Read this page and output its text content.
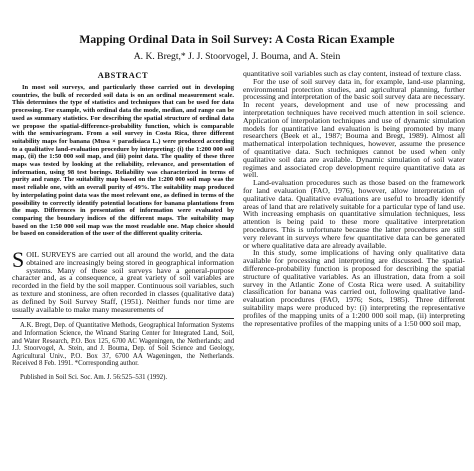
Mapping Ordinal Data in Soil Survey: A Costa Rican Example
A. K. Bregt,* J. J. Stoorvogel, J. Bouma, and A. Stein
ABSTRACT

In most soil surveys, and particularly those carried out in developing countries, the bulk of recorded soil data is on an ordinal measurement scale. This determines the type of statistics and techniques that can be used for data processing. For example, with ordinal data the mode, median, and range can be used as summary statistics. For describing the spatial structure of ordinal data we propose the spatial-difference-probability function, which is comparable with the semivariogram. From a soil survey in Costa Rica, three different suitability maps for banana (Musa × paradisiaca L.) were produced according to a qualitative land-evaluation procedure by interpreting: (i) the 1:200 000 soil map, (ii) the 1:50 000 soil map, and (iii) point data. The quality of these three maps was tested by looking at the reliability, relevance, and presentation of information, using 98 test borings. Reliability was characterized in terms of purity and range. The suitability map based on the 1:200 000 soil map was the most reliable one, with an overall purity of 49%. The suitability map produced by interpolating point data was the most relevant one, as defined in terms of the possibility to correctly identify potential locations for banana plantations from the map. Differences in presentation of information were evaluated by comparing the boundary indices of the different maps. The suitability map based on the 1:50 000 soil map was the most readable one. Map choice should be based on consideration of the user of the different quality criteria.

SOIL SURVEYS are carried out all around the world, and the data obtained are increasingly being stored in geographical information systems. Many of these soil surveys have a general-purpose character and, as a consequence, a great variety of soil variables are recorded in the field by the soil mapper. Continuous soil variables, such as texture and stoniness, are often recorded in classes (qualitative data) as defined by Soil Survey Staff, (1951). Neither funds nor time are usually available to make many measurements of

A.K. Bregt, Dep. of Quantitative Methods, Geographical Information Systems and Information Science, the Winand Staring Center for Integrated Land, Soil, and Water Research, P.O. Box 125, 6700 AC Wageningen, the Netherlands; and J.J. Stoorvogel, A. Stein, and J. Bouma, Dep. of Soil Science and Geology, Agricultural Univ., P.O. Box 37, 6700 AA Wageningen, the Netherlands. Received 8 Feb. 1991. *Corresponding author.

Published in Soil Sci. Soc. Am. J. 56:525–531 (1992).

quantitative soil variables such as clay content, instead of texture class.

For the use of soil survey data in, for example, land-use planning, environmental protection studies, and agricultural planning, further processing and interpretation of the basic soil survey data are necessary. In recent years, development and use of new processing and interpretation techniques have received much attention in soil science. Application of interpolation techniques and use of dynamic simulation models for quantitative land evaluation is being promoted by many researchers (Beek et al., 1987; Bouma and Bregt, 1989). Almost all mathematical interpolation techniques, however, assume the presence of quantitative data. Such techniques cannot be used when only qualitative soil data are available. Dynamic simulation of soil water regimes and associated crop development require quantitative data as well.

Land-evaluation procedures such as those based on the framework for land evaluation (FAO, 1976), however, allow interpretation of qualitative data. Qualitative evaluations are useful to broadly identify areas of land that are relatively suitable for a particular type of land use. With increasing emphasis on quantitative simulation techniques, less attention is being paid to these more qualitative interpretation procedures. This is unfortunate because the latter procedures are still very relevant in surveys where few quantitative data can be generated or where qualitative data are already available.

In this study, some implications of having only qualitative data available for processing and interpreting are discussed. The spatial-difference-probability function is proposed for describing the spatial structure of qualitative variables. As an illustration, data from a soil survey in the Atlantic Zone of Costa Rica were used. A suitability classification for banana was carried out, following qualitative land-evaluation procedures (FAO, 1976; Sots, 1985). Three different suitability maps were produced by: (i) interpreting the representative profiles of the mapping units of a 1:200 000 soil map, (ii) interpreting the representative profiles of the mapping units of a 1:50 000 soil map,
